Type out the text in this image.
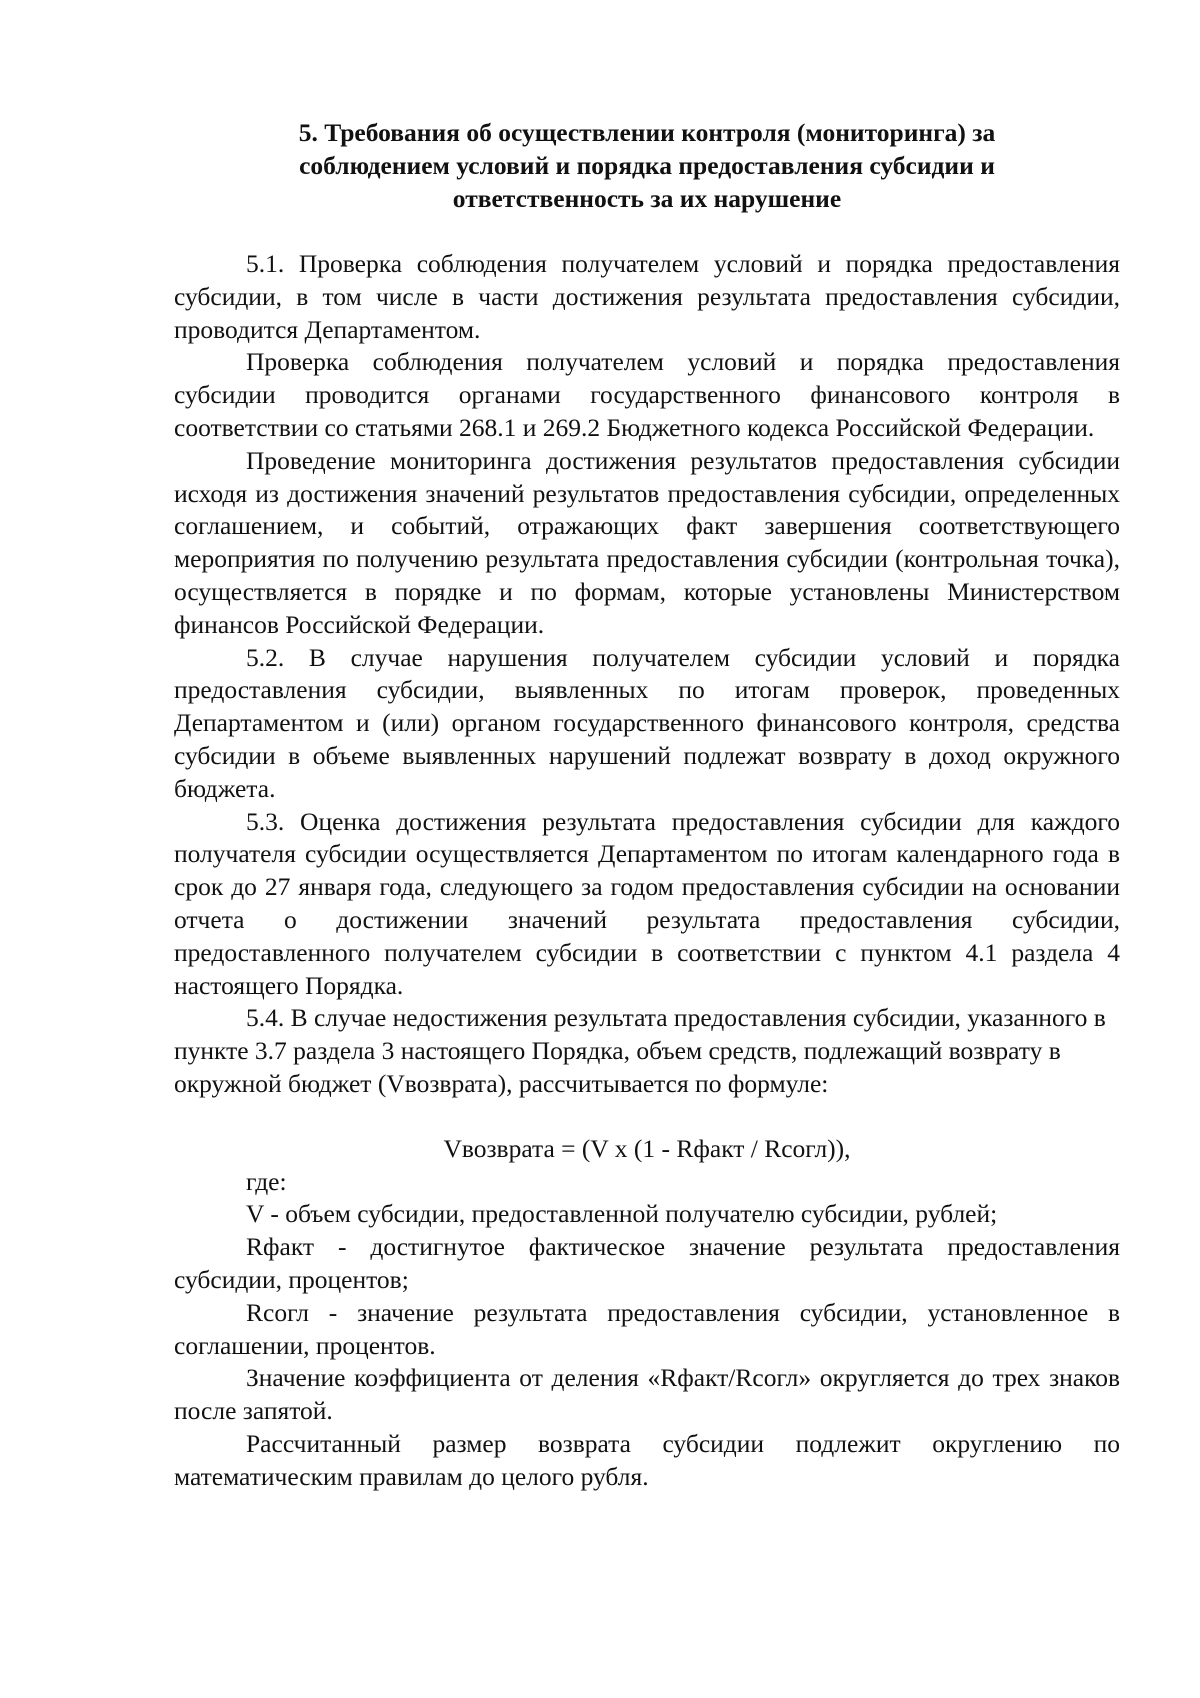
5. Требования об осуществлении контроля (мониторинга) за
соблюдением условий и порядка предоставления субсидии и
ответственность за их нарушение

5.1. Проверка соблюдения получателем условий и порядка предоставления субсидии, в том числе в части достижения результата предоставления субсидии, проводится Департаментом.

Проверка соблюдения получателем условий и порядка предоставления субсидии проводится органами государственного финансового контроля в соответствии со статьями 268.1 и 269.2 Бюджетного кодекса Российской Федерации.

Проведение мониторинга достижения результатов предоставления субсидии исходя из достижения значений результатов предоставления субсидии, определенных соглашением, и событий, отражающих факт завершения соответствующего мероприятия по получению результата предоставления субсидии (контрольная точка), осуществляется в порядке и по формам, которые установлены Министерством финансов Российской Федерации.

5.2. В случае нарушения получателем субсидии условий и порядка предоставления субсидии, выявленных по итогам проверок, проведенных Департаментом и (или) органом государственного финансового контроля, средства субсидии в объеме выявленных нарушений подлежат возврату в доход окружного бюджета.

5.3. Оценка достижения результата предоставления субсидии для каждого получателя субсидии осуществляется Департаментом по итогам календарного года в срок до 27 января года, следующего за годом предоставления субсидии на основании отчета о достижении значений результата предоставления субсидии, предоставленного получателем субсидии в соответствии с пунктом 4.1 раздела 4 настоящего Порядка.

5.4. В случае недостижения результата предоставления субсидии, указанного в пункте 3.7 раздела 3 настоящего Порядка, объем средств, подлежащий возврату в окружной бюджет (Vвозврата), рассчитывается по формуле:

Vвозврата = (V x (1 - Rфакт / Rсогл)),

где:

V - объем субсидии, предоставленной получателю субсидии, рублей;

Rфакт - достигнутое фактическое значение результата предоставления субсидии, процентов;

Rсогл - значение результата предоставления субсидии, установленное в соглашении, процентов.

Значение коэффициента от деления «Rфакт/Rсогл» округляется до трех знаков после запятой.

Рассчитанный размер возврата субсидии подлежит округлению по математическим правилам до целого рубля.
